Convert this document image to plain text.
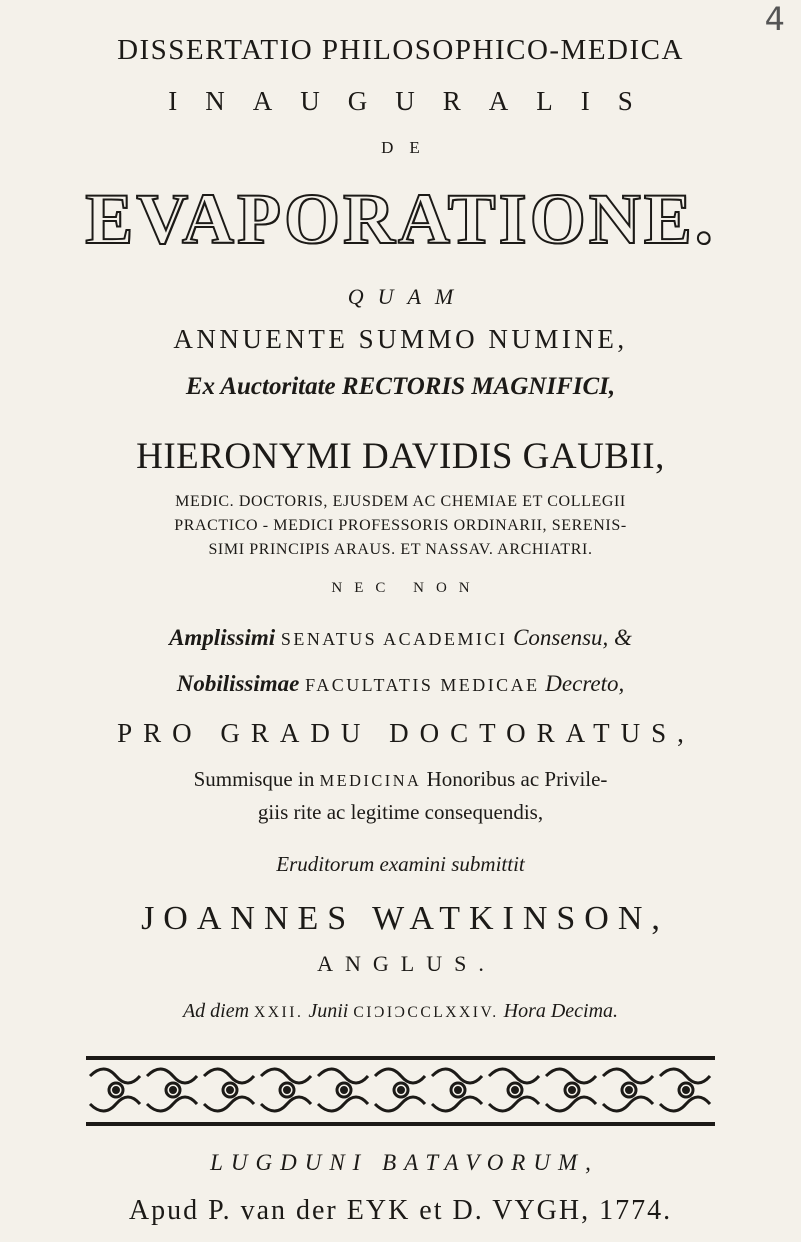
4
DISSERTATIO PHILOSOPHICO-MEDICA
INAUGURALIS
DE
EVAPORATIONE.
QUAM
ANNUENTE SUMMO NUMINE,
Ex Auctoritate RECTORIS MAGNIFICI,
HIERONYMI DAVIDIS GAUBII,
MEDIC. DOCTORIS, EJUSDEM AC CHEMIAE ET COLLEGII
PRACTICO - MEDICI PROFESSORIS ORDINARII, SERENIS-
SIMI PRINCIPIS ARAUS. ET NASSAV. ARCHIATRI.
NEC NON
Amplissimi SENATUS ACADEMICI Consensu, &
Nobilissimae FACULTATIS MEDICAE Decreto,
PRO GRADU DOCTORATUS,
Summisque in MEDICINA Honoribus ac Privile-
giis rite ac legitime consequendis,
Eruditorum examini submittit
JOANNES WATKINSON,
ANGLUS.
Ad diem XXII. Junii CIƆIƆCCLXXIV. Hora Decima.
LUGDUNI BATAVORUM,
Apud P. van der EYK et D. VYGH, 1774.
